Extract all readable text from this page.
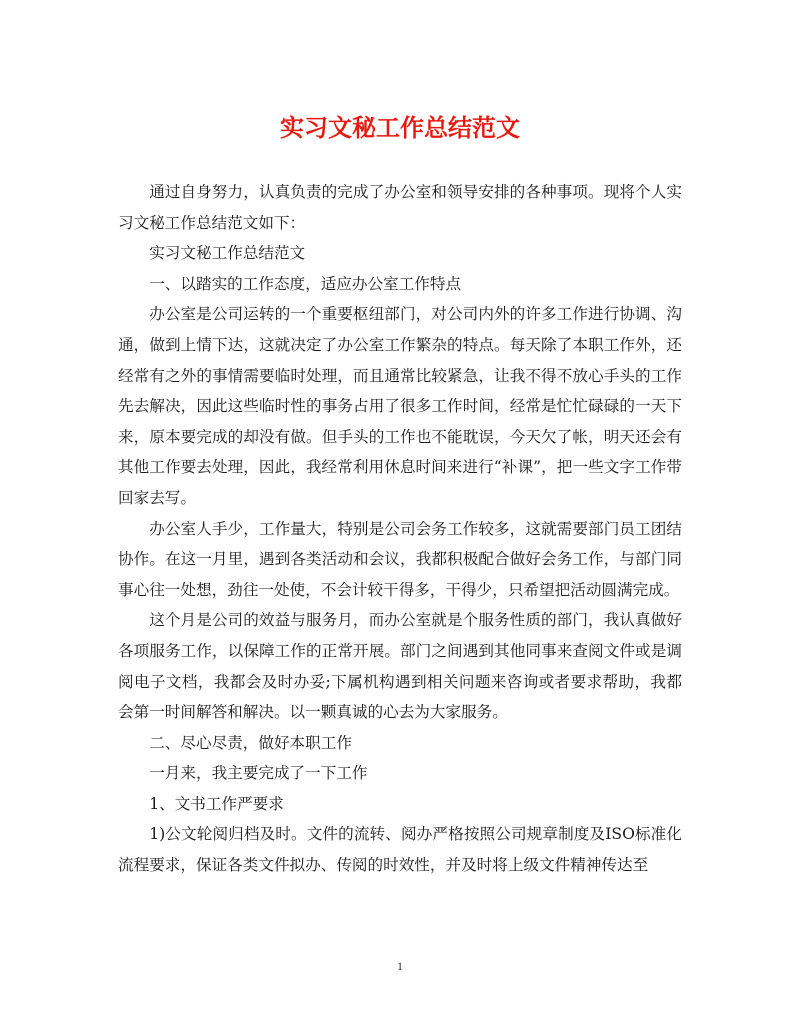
实习文秘工作总结范文

通过自身努力，认真负责的完成了办公室和领导安排的各种事项。现将个人实习文秘工作总结范文如下：

实习文秘工作总结范文

一、以踏实的工作态度，适应办公室工作特点

办公室是公司运转的一个重要枢纽部门，对公司内外的许多工作进行协调、沟通，做到上情下达，这就决定了办公室工作繁杂的特点。每天除了本职工作外，还经常有之外的事情需要临时处理，而且通常比较紧急，让我不得不放心手头的工作先去解决，因此这些临时性的事务占用了很多工作时间，经常是忙忙碌碌的一天下来，原本要完成的却没有做。但手头的工作也不能耽误，今天欠了帐，明天还会有其他工作要去处理，因此，我经常利用休息时间来进行“补课”，把一些文字工作带回家去写。

办公室人手少，工作量大，特别是公司会务工作较多，这就需要部门员工团结协作。在这一月里，遇到各类活动和会议，我都积极配合做好会务工作，与部门同事心往一处想，劲往一处使，不会计较干得多，干得少，只希望把活动圆满完成。

这个月是公司的效益与服务月，而办公室就是个服务性质的部门，我认真做好各项服务工作，以保障工作的正常开展。部门之间遇到其他同事来查阅文件或是调阅电子文档，我都会及时办妥;下属机构遇到相关问题来咨询或者要求帮助，我都会第一时间解答和解决。以一颗真诚的心去为大家服务。

二、尽心尽责，做好本职工作

一月来，我主要完成了一下工作

1、文书工作严要求

1)公文轮阅归档及时。文件的流转、阅办严格按照公司规章制度及ISO标准化流程要求，保证各类文件拟办、传阅的时效性，并及时将上级文件精神传达至

1
